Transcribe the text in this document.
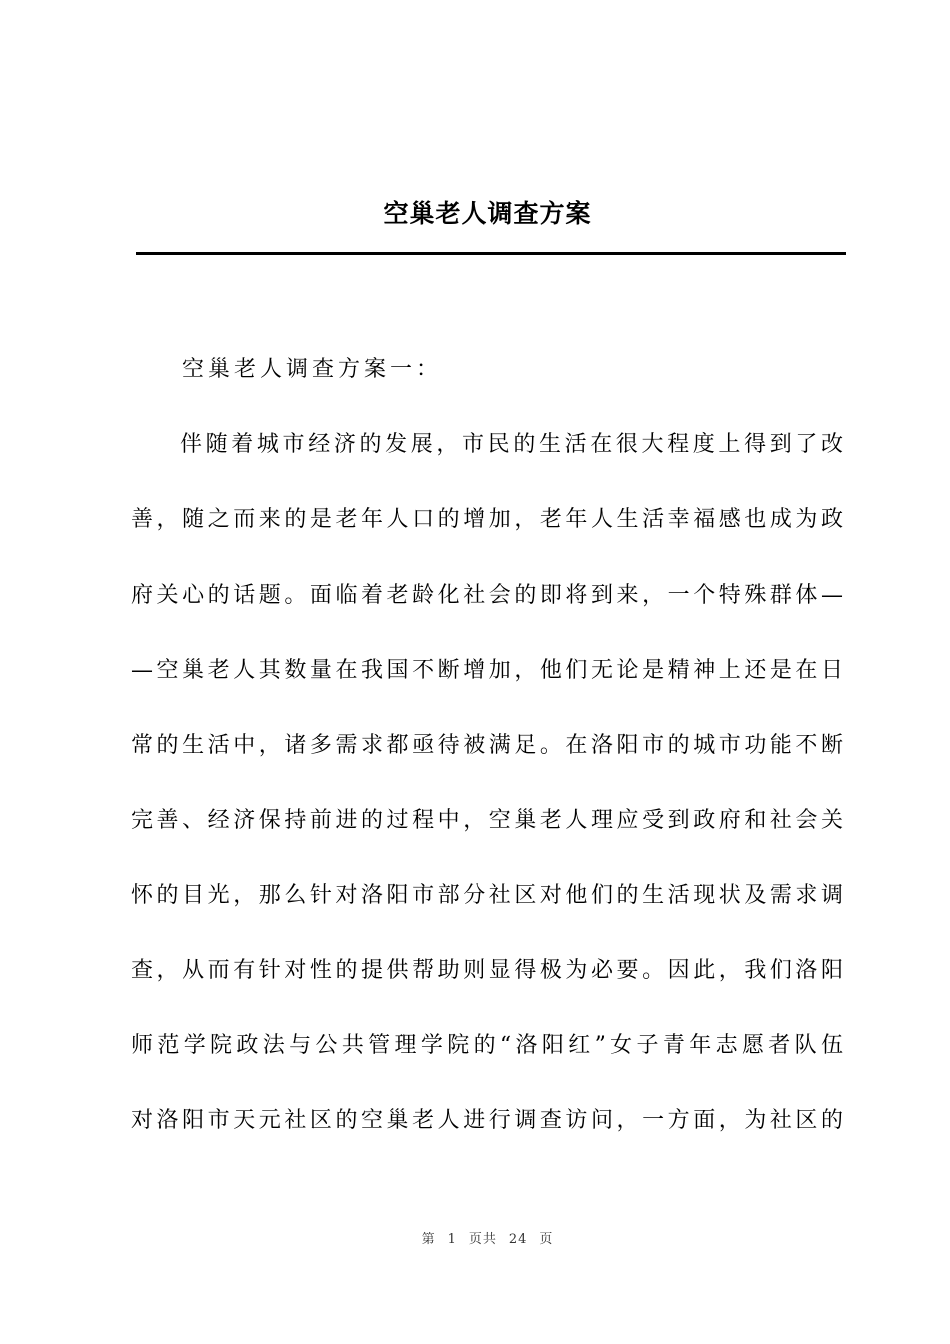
空巢老人调查方案
空巢老人调查方案一：
伴随着城市经济的发展，市民的生活在很大程度上得到了改
善，随之而来的是老年人口的增加，老年人生活幸福感也成为政
府关心的话题。面临着老龄化社会的即将到来，一个特殊群体—
—空巢老人其数量在我国不断增加，他们无论是精神上还是在日
常的生活中，诸多需求都亟待被满足。在洛阳市的城市功能不断
完善、经济保持前进的过程中，空巢老人理应受到政府和社会关
怀的目光，那么针对洛阳市部分社区对他们的生活现状及需求调
查，从而有针对性的提供帮助则显得极为必要。因此，我们洛阳
师范学院政法与公共管理学院的“洛阳红”女子青年志愿者队伍
对洛阳市天元社区的空巢老人进行调查访问，一方面，为社区的
第 1 页共 24 页
